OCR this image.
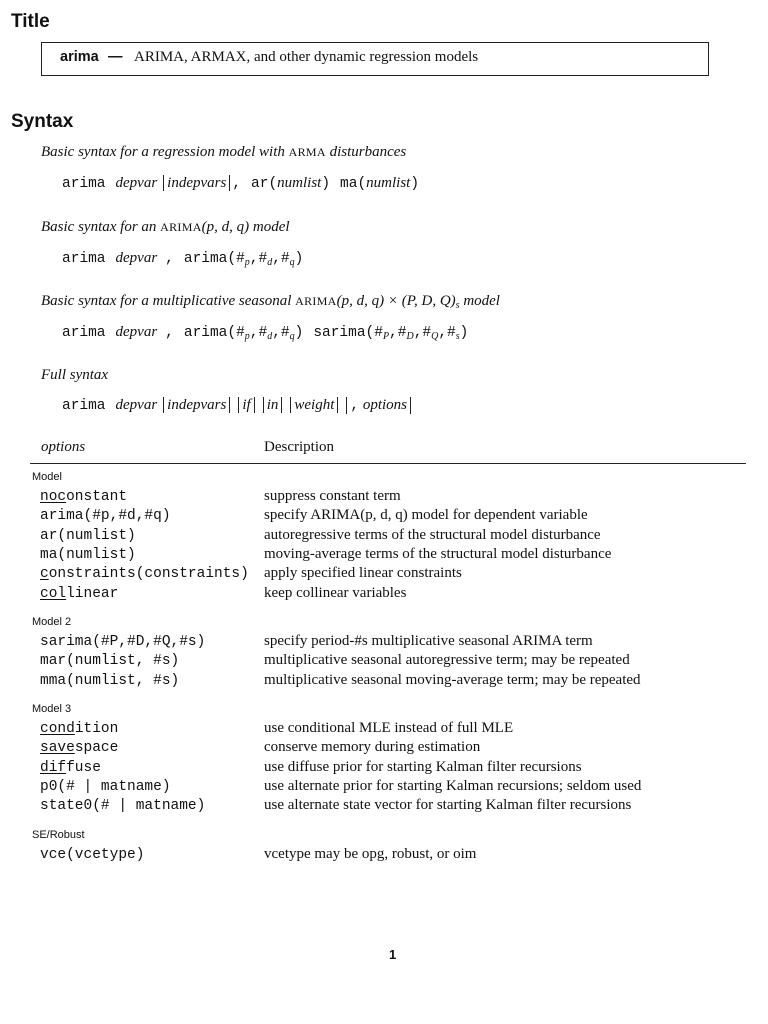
Title
arima — ARIMA, ARMAX, and other dynamic regression models
Syntax
Basic syntax for a regression model with ARMA disturbances
arima depvar indepvars , ar(numlist) ma(numlist)
Basic syntax for an ARIMA(p, d, q) model
arima depvar , $arima(\#_p,\#_d,\#_q)$
Basic syntax for a multiplicative seasonal ARIMA(p, d, q) × (P, D, $Q)_s$ model
arima depvar , $arima(\#_p,\#_d,\#_q)$ $sarima(\#_P,\#_D,\#_Q,\#_s)$
Full syntax
arima depvar indepvars if in weight , options
options	Description
Model
noconstant	suppress constant term
arima(#p,#d,#q)	specify ARIMA(p, d, q) model for dependent variable
ar(numlist)	autoregressive terms of the structural model disturbance
ma(numlist)	moving-average terms of the structural model disturbance
constraints(constraints) apply specified linear constraints
collinear	keep collinear variables
Model 2
sarima(#P,#D,#Q,#s)	specify period-#s multiplicative seasonal ARIMA term
mar(numlist, #s)	multiplicative seasonal autoregressive term; may be repeated
mma(numlist, #s)	multiplicative seasonal moving-average term; may be repeated
Model 3
condition	use conditional MLE instead of full MLE
savespace	conserve memory during estimation
diffuse	use diffuse prior for starting Kalman filter recursions
p0(# | matname)	use alternate prior for starting Kalman recursions; seldom used
state0(# | matname)	use alternate state vector for starting Kalman filter recursions
SE/Robust
vce(vcetype)	vcetype may be opg, robust, or oim
1
